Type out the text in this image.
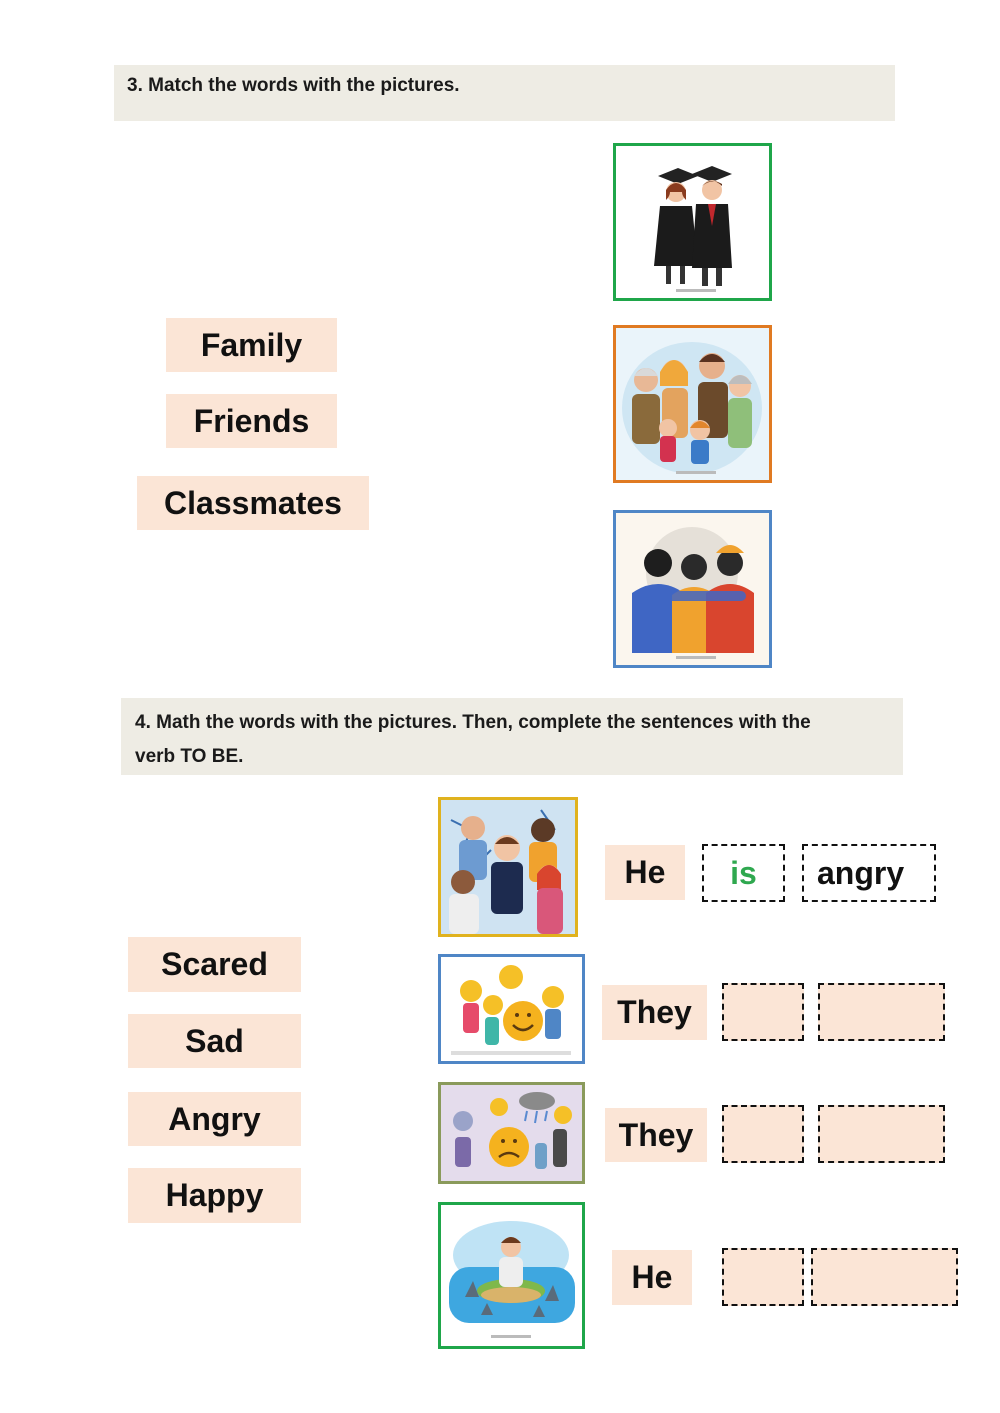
3. Match the words with the pictures.
Family
Friends
Classmates
4. Math the words with the pictures. Then, complete the sentences with the
verb TO BE.
Scared
Sad
Angry
Happy
He is angry
They
They
He
